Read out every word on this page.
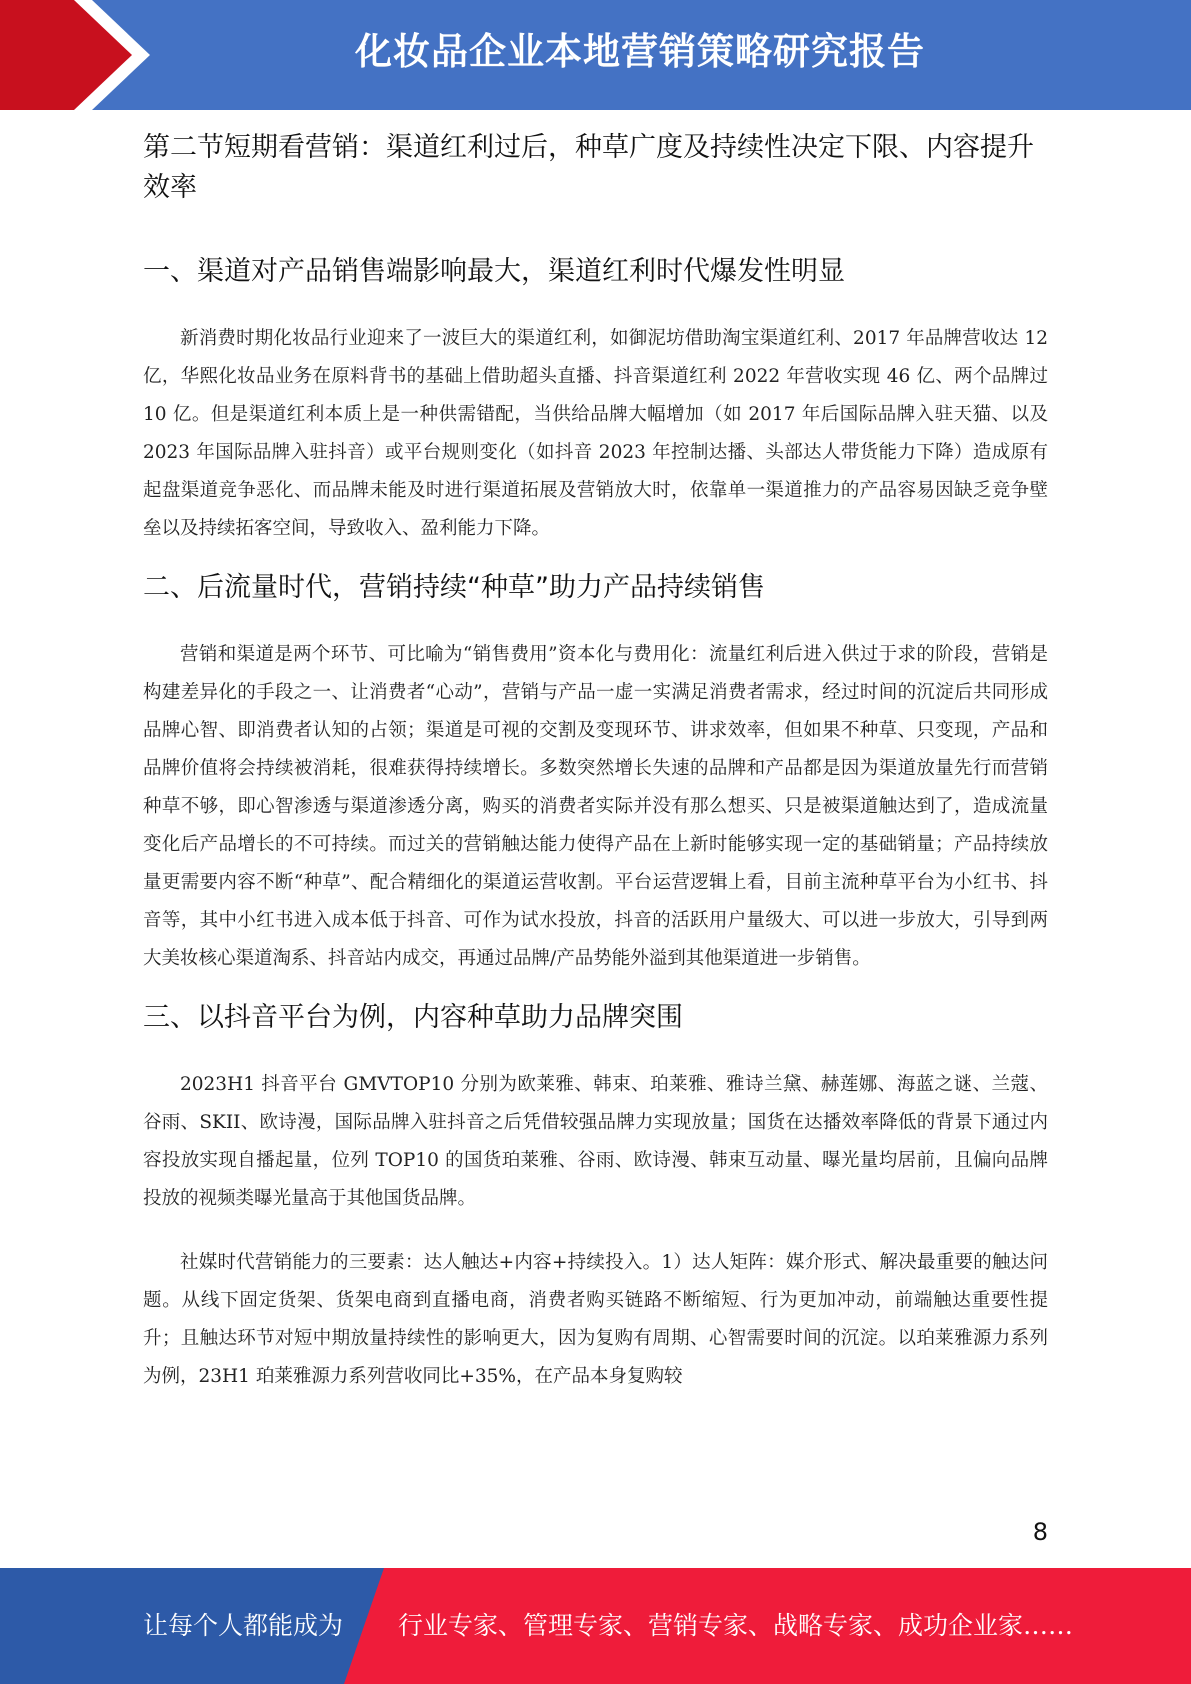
化妆品企业本地营销策略研究报告
第二节短期看营销：渠道红利过后，种草广度及持续性决定下限、内容提升效率
一、渠道对产品销售端影响最大，渠道红利时代爆发性明显

新消费时期化妆品行业迎来了一波巨大的渠道红利，如御泥坊借助淘宝渠道红利、2017 年品牌营收达 12 亿，华熙化妆品业务在原料背书的基础上借助超头直播、抖音渠道红利 2022 年营收实现 46 亿、两个品牌过 10 亿。但是渠道红利本质上是一种供需错配，当供给品牌大幅增加（如 2017 年后国际品牌入驻天猫、以及 2023 年国际品牌入驻抖音）或平台规则变化（如抖音 2023 年控制达播、头部达人带货能力下降）造成原有起盘渠道竞争恶化、而品牌未能及时进行渠道拓展及营销放大时，依靠单一渠道推力的产品容易因缺乏竞争壁垒以及持续拓客空间，导致收入、盈利能力下降。

二、后流量时代，营销持续“种草”助力产品持续销售

营销和渠道是两个环节、可比喻为“销售费用”资本化与费用化：流量红利后进入供过于求的阶段，营销是构建差异化的手段之一、让消费者“心动”，营销与产品一虚一实满足消费者需求，经过时间的沉淀后共同形成品牌心智、即消费者认知的占领；渠道是可视的交割及变现环节、讲求效率，但如果不种草、只变现，产品和品牌价值将会持续被消耗，很难获得持续增长。多数突然增长失速的品牌和产品都是因为渠道放量先行而营销种草不够，即心智渗透与渠道渗透分离，购买的消费者实际并没有那么想买、只是被渠道触达到了，造成流量变化后产品增长的不可持续。而过关的营销触达能力使得产品在上新时能够实现一定的基础销量；产品持续放量更需要内容不断“种草”、配合精细化的渠道运营收割。平台运营逻辑上看，目前主流种草平台为小红书、抖音等，其中小红书进入成本低于抖音、可作为试水投放，抖音的活跃用户量级大、可以进一步放大，引导到两大美妆核心渠道淘系、抖音站内成交，再通过品牌/产品势能外溢到其他渠道进一步销售。

三、以抖音平台为例，内容种草助力品牌突围

2023H1 抖音平台 GMVTOP10 分别为欧莱雅、韩束、珀莱雅、雅诗兰黛、赫莲娜、海蓝之谜、兰蔻、谷雨、SKII、欧诗漫，国际品牌入驻抖音之后凭借较强品牌力实现放量；国货在达播效率降低的背景下通过内容投放实现自播起量，位列 TOP10 的国货珀莱雅、谷雨、欧诗漫、韩束互动量、曝光量均居前，且偏向品牌投放的视频类曝光量高于其他国货品牌。

社媒时代营销能力的三要素：达人触达+内容+持续投入。1）达人矩阵：媒介形式、解决最重要的触达问题。从线下固定货架、货架电商到直播电商，消费者购买链路不断缩短、行为更加冲动，前端触达重要性提升；且触达环节对短中期放量持续性的影响更大，因为复购有周期、心智需要时间的沉淀。以珀莱雅源力系列为例，23H1 珀莱雅源力系列营收同比+35%，在产品本身复购较

8
让每个人都能成为 行业专家、管理专家、营销专家、战略专家、成功企业家……
